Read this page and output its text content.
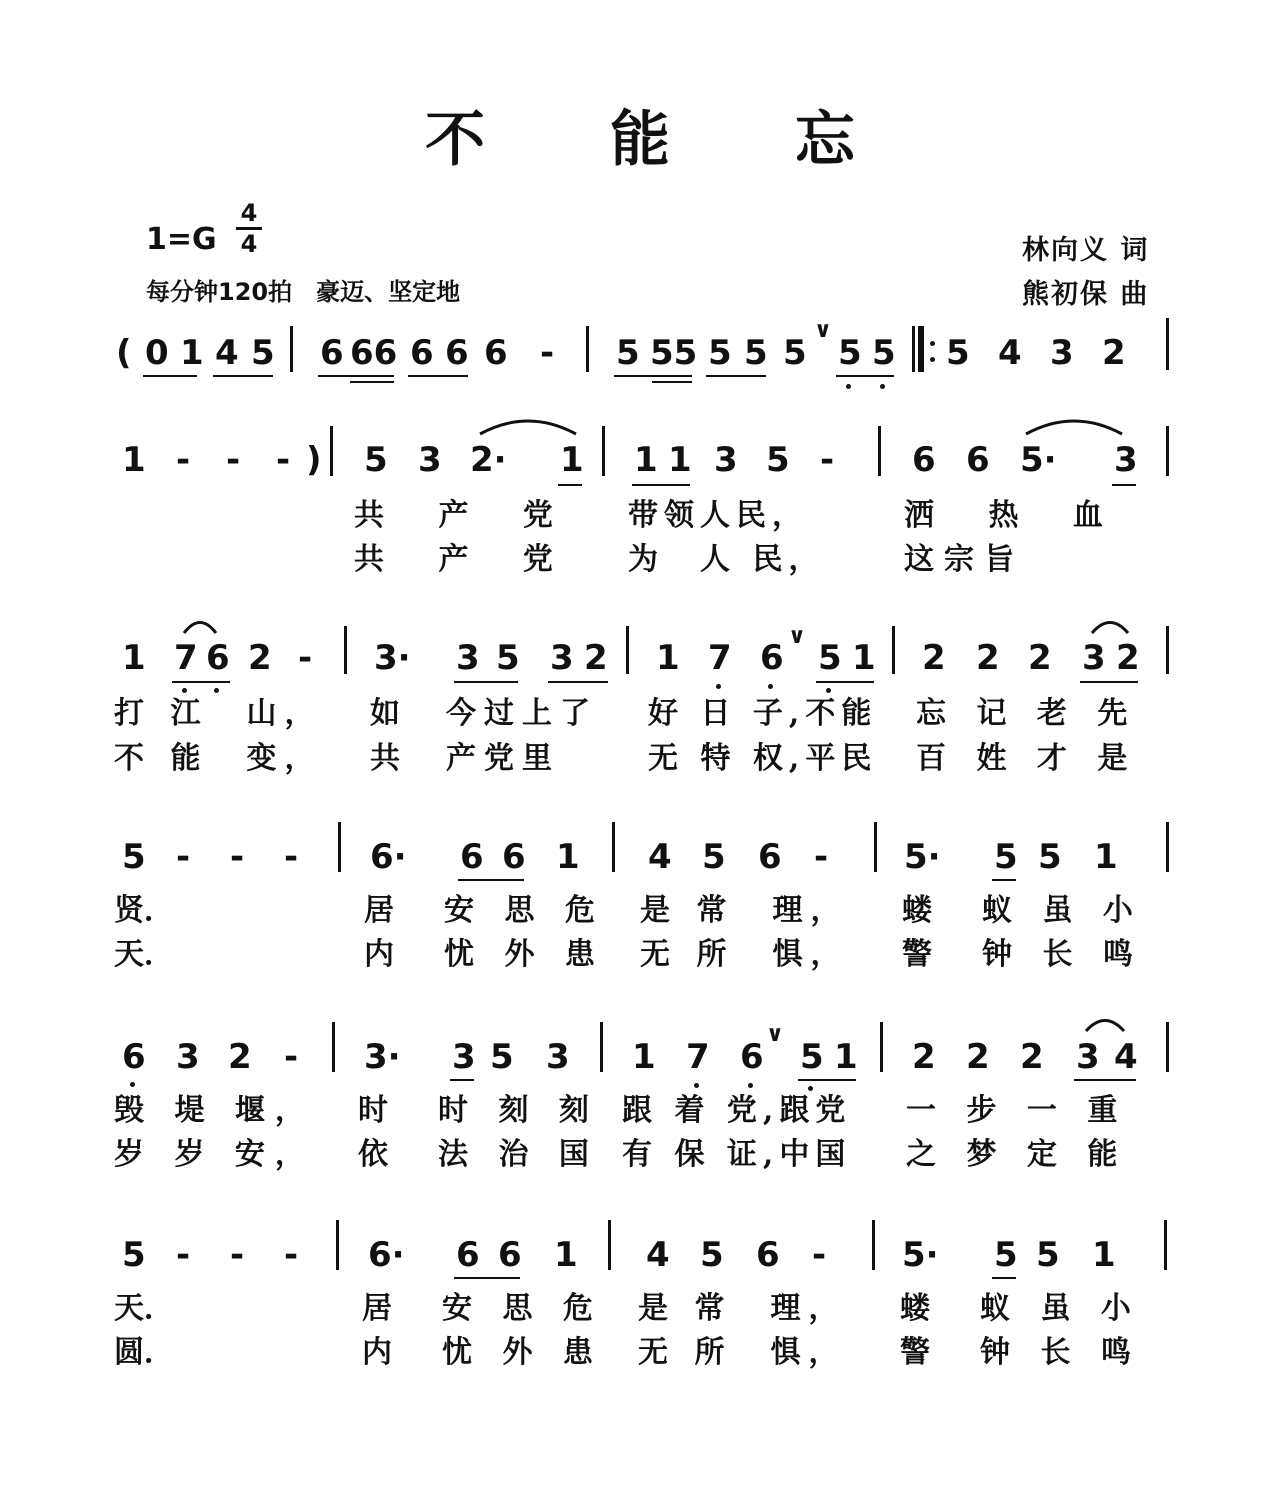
不 能 忘
1=G
4
4
每分钟120拍　豪迈、坚定地
林向义 词
熊初保 曲
( 0 1 4 5 6 66 6 6 6 - 5 55 5 5 5
∨
5 5 5 4 3 2
1 - - - ) 5 3 2· 1 1 1 3 5 - 6 6 5· 3
共 产 党 带领人民，	洒 热 血
共 产 党 为　人 民，	这宗旨
1 7 6 2 - 3· 3 5 3 2 1 7 6
∨
5 1 2 2 2 3 2
打 江　山， 如　今过上了 好 日 子,不能 忘 记 老 先
不 能　变， 共　产党里	无 特 权,平民 百 姓 才 是
5 - - - 6· 6 6 1 4 5 6 - 5· 5 5 1
贤．	居　安 思 危 是 常　理， 蝼　蚁 虽 小
天．	内　忧 外 患 无 所　惧， 警　钟 长 鸣
6 3 2 - 3· 3 5 3 1 7 6
∨
5 1 2 2 2 3 4
毁 堤 堰， 时　时 刻 刻 跟 着 党,跟党 一 步 一 重
岁 岁 安， 依　法 治 国 有 保 证,中国 之 梦 定 能
5 - - - 6· 6 6 1 4 5 6 - 5· 5 5 1
天．	居　安 思 危 是 常　理， 蝼　蚁 虽 小
圆．	内　忧 外 患 无 所　惧， 警　钟 长 鸣
